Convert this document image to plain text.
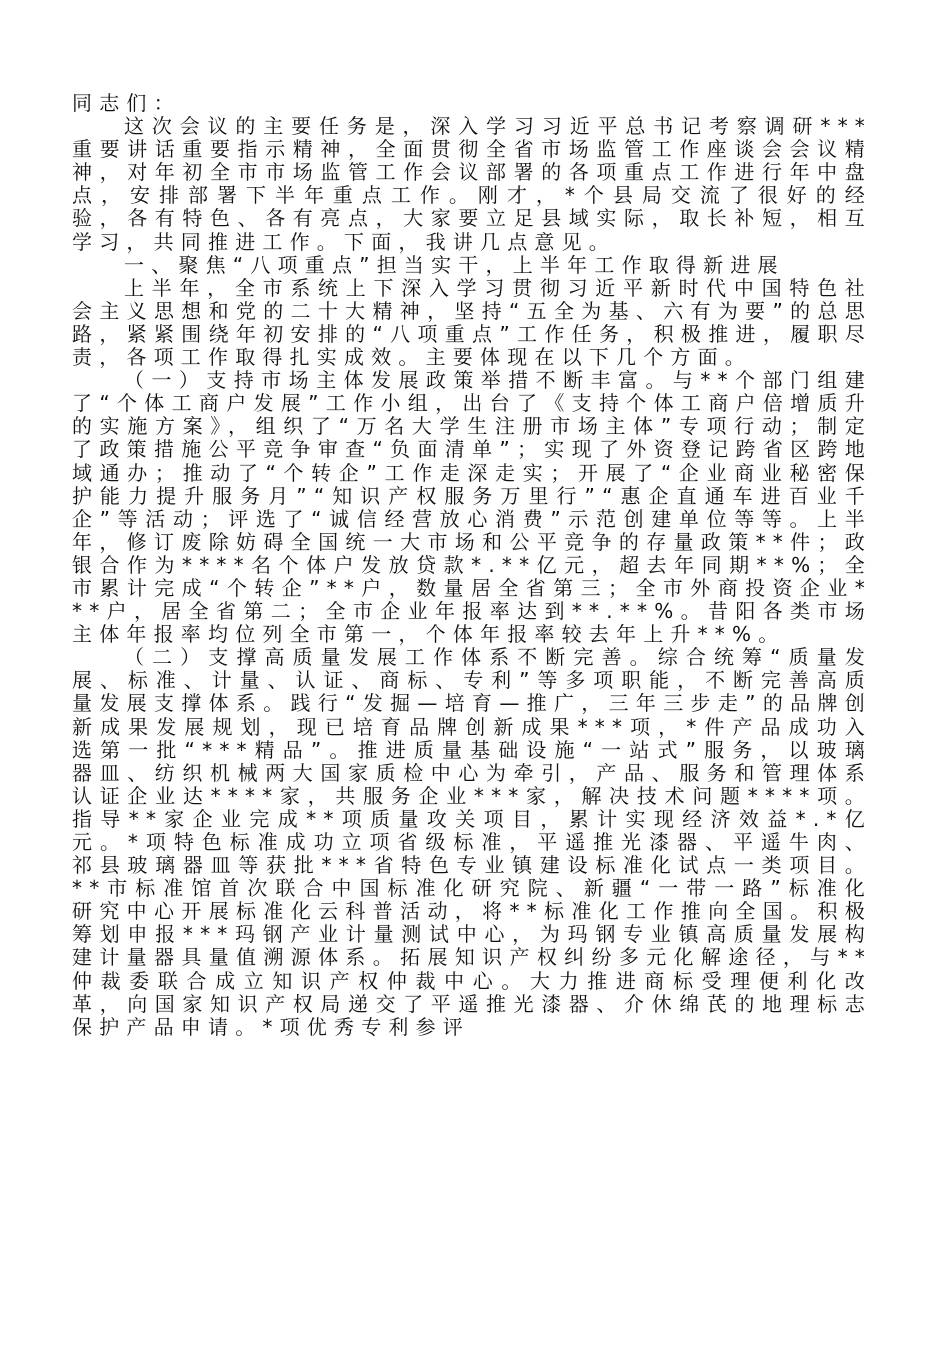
同志们：

这次会议的主要任务是，深入学习习近平总书记考察调研***重要讲话重要指示精神，全面贯彻全省市场监管工作座谈会会议精神，对年初全市市场监管工作会议部署的各项重点工作进行年中盘点，安排部署下半年重点工作。刚才，*个县局交流了很好的经验，各有特色、各有亮点，大家要立足县域实际，取长补短，相互学习，共同推进工作。下面，我讲几点意见。

一、聚焦“八项重点”担当实干，上半年工作取得新进展

上半年，全市系统上下深入学习贯彻习近平新时代中国特色社会主义思想和党的二十大精神，坚持“五全为基、六有为要”的总思路，紧紧围绕年初安排的“八项重点”工作任务，积极推进，履职尽责，各项工作取得扎实成效。主要体现在以下几个方面。

（一）支持市场主体发展政策举措不断丰富。与**个部门组建了“个体工商户发展”工作小组，出台了《支持个体工商户倍增质升的实施方案》，组织了“万名大学生注册市场主体”专项行动；制定了政策措施公平竞争审查“负面清单”；实现了外资登记跨省区跨地域通办；推动了“个转企”工作走深走实；开展了“企业商业秘密保护能力提升服务月”“知识产权服务万里行”“惠企直通车进百业千企”等活动；评选了“诚信经营放心消费”示范创建单位等等。上半年，修订废除妨碍全国统一大市场和公平竞争的存量政策**件；政银合作为****名个体户发放贷款*.**亿元，超去年同期**%；全市累计完成“个转企”**户，数量居全省第三；全市外商投资企业***户，居全省第二；全市企业年报率达到**.**%。昔阳各类市场主体年报率均位列全市第一，个体年报率较去年上升**%。

（二）支撑高质量发展工作体系不断完善。综合统筹“质量发展、标准、计量、认证、商标、专利”等多项职能，不断完善高质量发展支撑体系。践行“发掘—培育—推广，三年三步走”的品牌创新成果发展规划，现已培育品牌创新成果***项，*件产品成功入选第一批“***精品”。推进质量基础设施“一站式”服务，以玻璃器皿、纺织机械两大国家质检中心为牵引，产品、服务和管理体系认证企业达****家，共服务企业***家，解决技术问题****项。指导**家企业完成**项质量攻关项目，累计实现经济效益*.*亿元。*项特色标准成功立项省级标准，平遥推光漆器、平遥牛肉、祁县玻璃器皿等获批***省特色专业镇建设标准化试点一类项目。**市标准馆首次联合中国标准化研究院、新疆“一带一路”标准化研究中心开展标准化云科普活动，将**标准化工作推向全国。积极筹划申报***玛钢产业计量测试中心，为玛钢专业镇高质量发展构建计量器具量值溯源体系。拓展知识产权纠纷多元化解途径，与**仲裁委联合成立知识产权仲裁中心。大力推进商标受理便利化改革，向国家知识产权局递交了平遥推光漆器、介休绵芪的地理标志保护产品申请。*项优秀专利参评
